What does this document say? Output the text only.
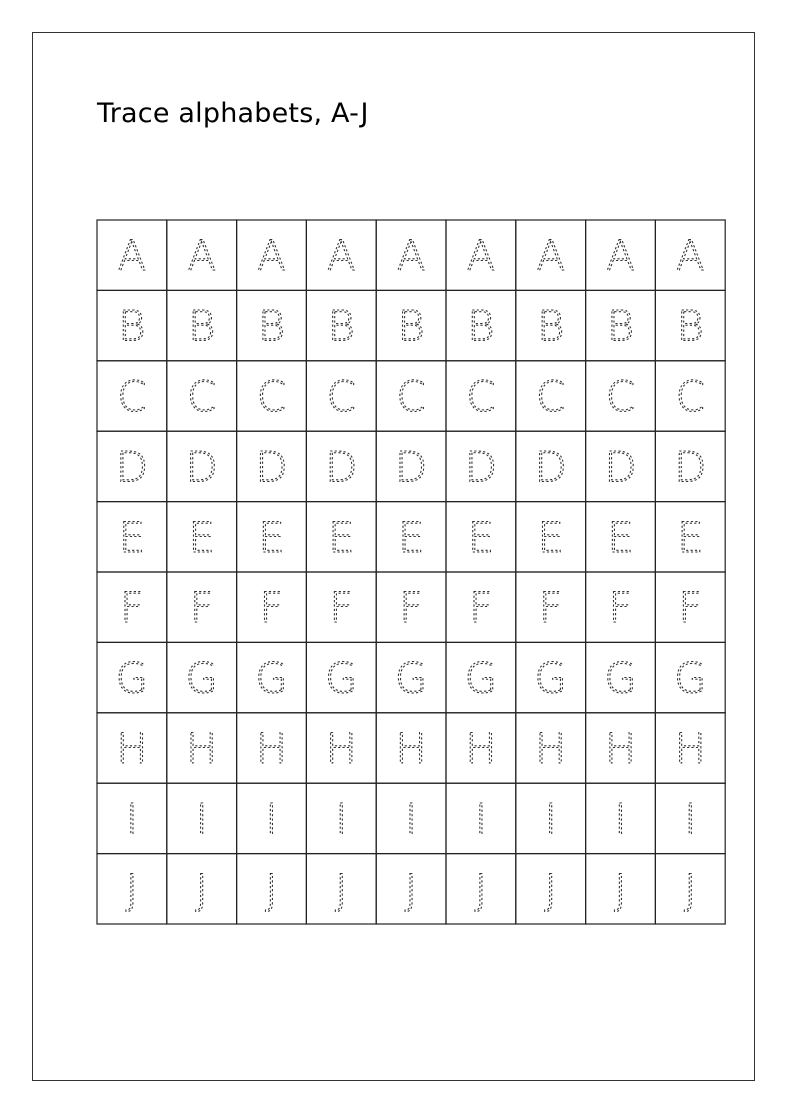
Trace alphabets, A-J
A A A A A A A A A
B B B B B B B B B
C C C C C C C C C
D D D D D D D D D
E E E E E E E E E
F F F F F F F F F
G G G G G G G G G
H H H H H H H H H
I I I I I I I I I
J J J J J J J J J
